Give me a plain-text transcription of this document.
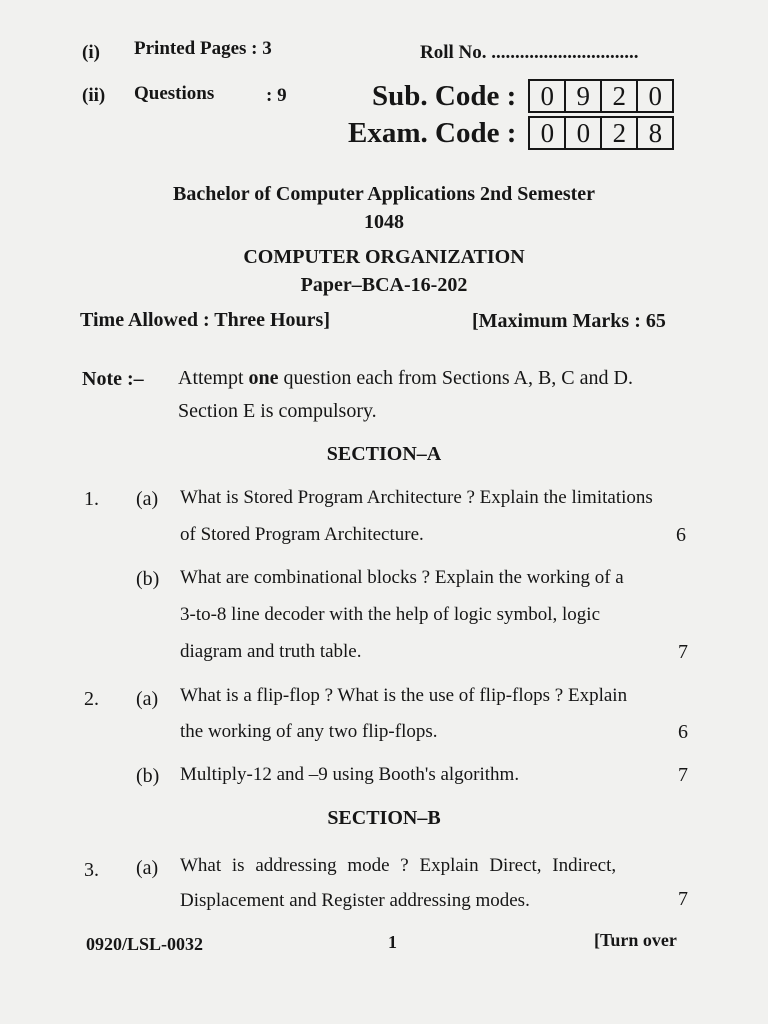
(i) Printed Pages : 3
(ii) Questions	: 9
Roll No. ...............................
Sub. Code : 0 9 2 0
Exam. Code : 0 0 2 8
Bachelor of Computer Applications 2nd Semester
1048
COMPUTER ORGANIZATION
Paper–BCA-16-202
Time Allowed : Three Hours]	[Maximum Marks : 65
Note :– Attempt one question each from Sections A, B, C and D.
Section E is compulsory.
SECTION–A
1. (a) What is Stored Program Architecture ? Explain the limitations
of Stored Program Architecture.	6
(b) What are combinational blocks ? Explain the working of a
3-to-8 line decoder with the help of logic symbol, logic
diagram and truth table.	7
2. (a) What is a flip-flop ? What is the use of flip-flops ? Explain
the working of any two flip-flops.	6
(b) Multiply-12 and –9 using Booth's algorithm.	7
SECTION–B
3. (a) What is addressing mode ? Explain Direct, Indirect,
Displacement and Register addressing modes.	7
0920/LSL-0032	1	[Turn over
